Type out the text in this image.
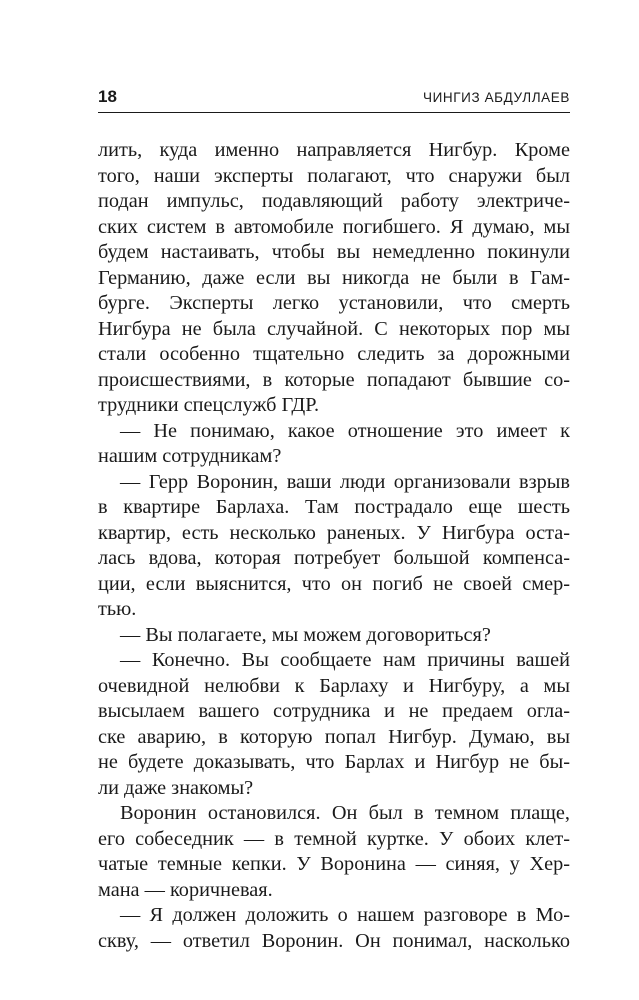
18	ЧИНГИЗ АБДУЛЛАЕВ
лить, куда именно направляется Нигбур. Кроме
того, наши эксперты полагают, что снаружи был
подан импульс, подавляющий работу электриче-
ских систем в автомобиле погибшего. Я думаю, мы
будем настаивать, чтобы вы немедленно покинули
Германию, даже если вы никогда не были в Гам-
бурге. Эксперты легко установили, что смерть
Нигбура не была случайной. С некоторых пор мы
стали особенно тщательно следить за дорожными
происшествиями, в которые попадают бывшие со-
трудники спецслужб ГДР.
— Не понимаю, какое отношение это имеет к
нашим сотрудникам?
— Герр Воронин, ваши люди организовали взрыв
в квартире Барлаха. Там пострадало еще шесть
квартир, есть несколько раненых. У Нигбура оста-
лась вдова, которая потребует большой компенса-
ции, если выяснится, что он погиб не своей смер-
тью.
— Вы полагаете, мы можем договориться?
— Конечно. Вы сообщаете нам причины вашей
очевидной нелюбви к Барлаху и Нигбуру, а мы
высылаем вашего сотрудника и не предаем огла-
ске аварию, в которую попал Нигбур. Думаю, вы
не будете доказывать, что Барлах и Нигбур не бы-
ли даже знакомы?
Воронин остановился. Он был в темном плаще,
его собеседник — в темной куртке. У обоих клет-
чатые темные кепки. У Воронина — синяя, у Хер-
мана — коричневая.
— Я должен доложить о нашем разговоре в Мо-
скву, — ответил Воронин. Он понимал, насколько
